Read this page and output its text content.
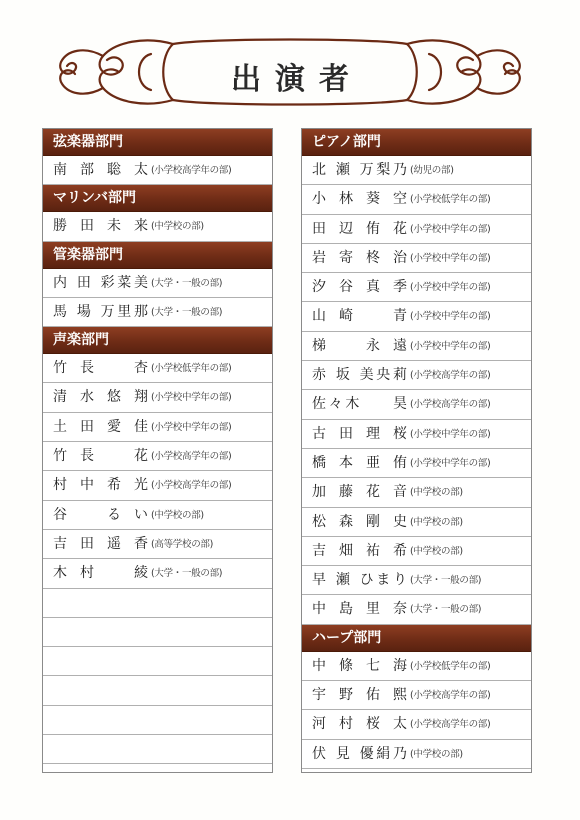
出演者
弦楽器部門
南 部 聡 太 (小学校高学年の部)
マリンバ部門
勝 田 未 来 (中学校の部)
管楽器部門
内 田 彩菜美 (大学・一般の部)
馬 場 万里那 (大学・一般の部)
声楽部門
竹 長 　 杏 (小学校低学年の部)
清 水 悠 翔 (小学校中学年の部)
土 田 愛 佳 (小学校中学年の部)
竹 長 　 花 (小学校高学年の部)
村 中 希 光 (小学校高学年の部)
谷 　 る い (中学校の部)
吉 田 遥 香 (高等学校の部)
木 村 　 綾 (大学・一般の部)
ピアノ部門
北 瀬 万梨乃 (幼児の部)
小 林 葵 空 (小学校低学年の部)
田 辺 侑 花 (小学校中学年の部)
岩 寄 柊 治 (小学校中学年の部)
汐 谷 真 季 (小学校中学年の部)
山 崎 　 青 (小学校中学年の部)
梯 　 永 遠 (小学校中学年の部)
赤 坂 美央莉 (小学校高学年の部)
佐々木 　 昊 (小学校高学年の部)
古 田 理 桜 (小学校中学年の部)
橋 本 亜 侑 (小学校中学年の部)
加 藤 花 音 (中学校の部)
松 森 剛 史 (中学校の部)
吉 畑 祐 希 (中学校の部)
早 瀬 ひまり (大学・一般の部)
中 島 里 奈 (大学・一般の部)
ハープ部門
中 條 七 海 (小学校低学年の部)
宇 野 佑 熙 (小学校高学年の部)
河 村 桜 太 (小学校高学年の部)
伏 見 優絹乃 (中学校の部)
